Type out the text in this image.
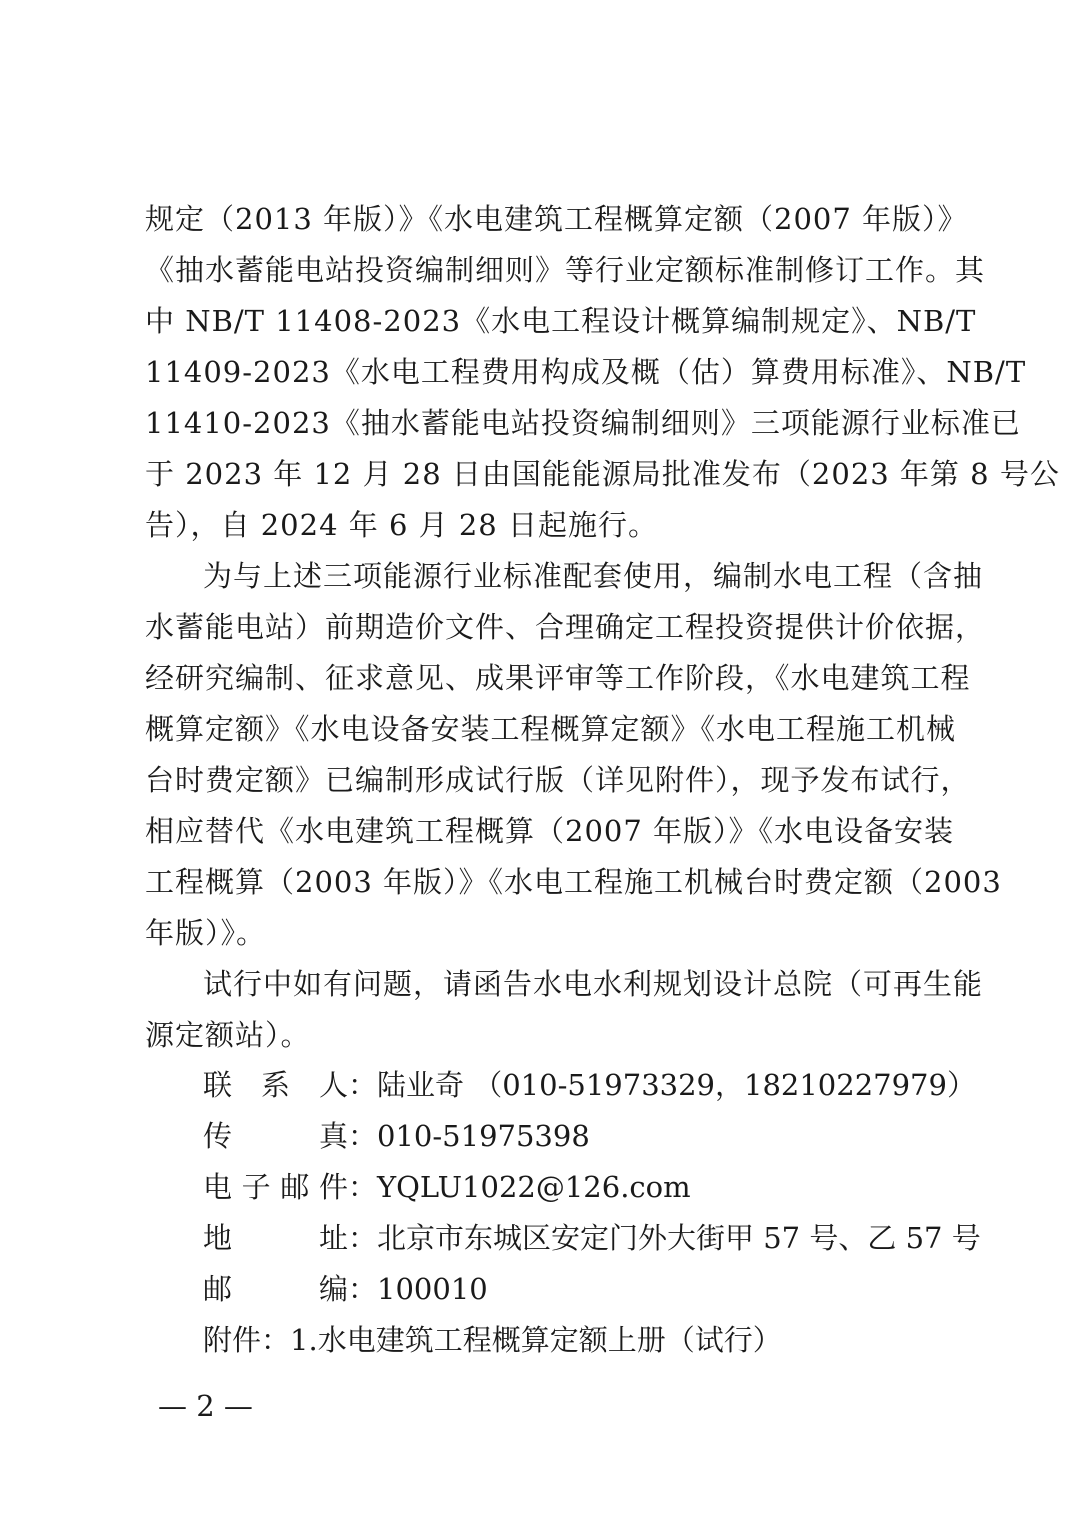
规定（2013 年版）》《水电建筑工程概算定额（2007 年版）》
《抽水蓄能电站投资编制细则》等行业定额标准制修订工作。其
中 NB/T 11408-2023《水电工程设计概算编制规定》、NB/T
11409-2023《水电工程费用构成及概（估）算费用标准》、NB/T
11410-2023《抽水蓄能电站投资编制细则》三项能源行业标准已
于 2023 年 12 月 28 日由国能能源局批准发布（2023 年第 8 号公
告），自 2024 年 6 月 28 日起施行。
为与上述三项能源行业标准配套使用，编制水电工程（含抽
水蓄能电站）前期造价文件、合理确定工程投资提供计价依据，
经研究编制、征求意见、成果评审等工作阶段，《水电建筑工程
概算定额》《水电设备安装工程概算定额》《水电工程施工机械
台时费定额》已编制形成试行版（详见附件），现予发布试行，
相应替代《水电建筑工程概算（2007 年版）》《水电设备安装
工程概算（2003 年版）》《水电工程施工机械台时费定额（2003
年版）》。
试行中如有问题，请函告水电水利规划设计总院（可再生能
源定额站）。
联系人 ： 陆业奇 （010-51973329，18210227979）
传真 ： 010-51975398
电子邮件 ： YQLU1022@126.com
地址 ： 北京市东城区安定门外大街甲 57 号、乙 57 号
邮编 ： 100010
附件 ： 1.水电建筑工程概算定额上册（试行）
— 2 —
